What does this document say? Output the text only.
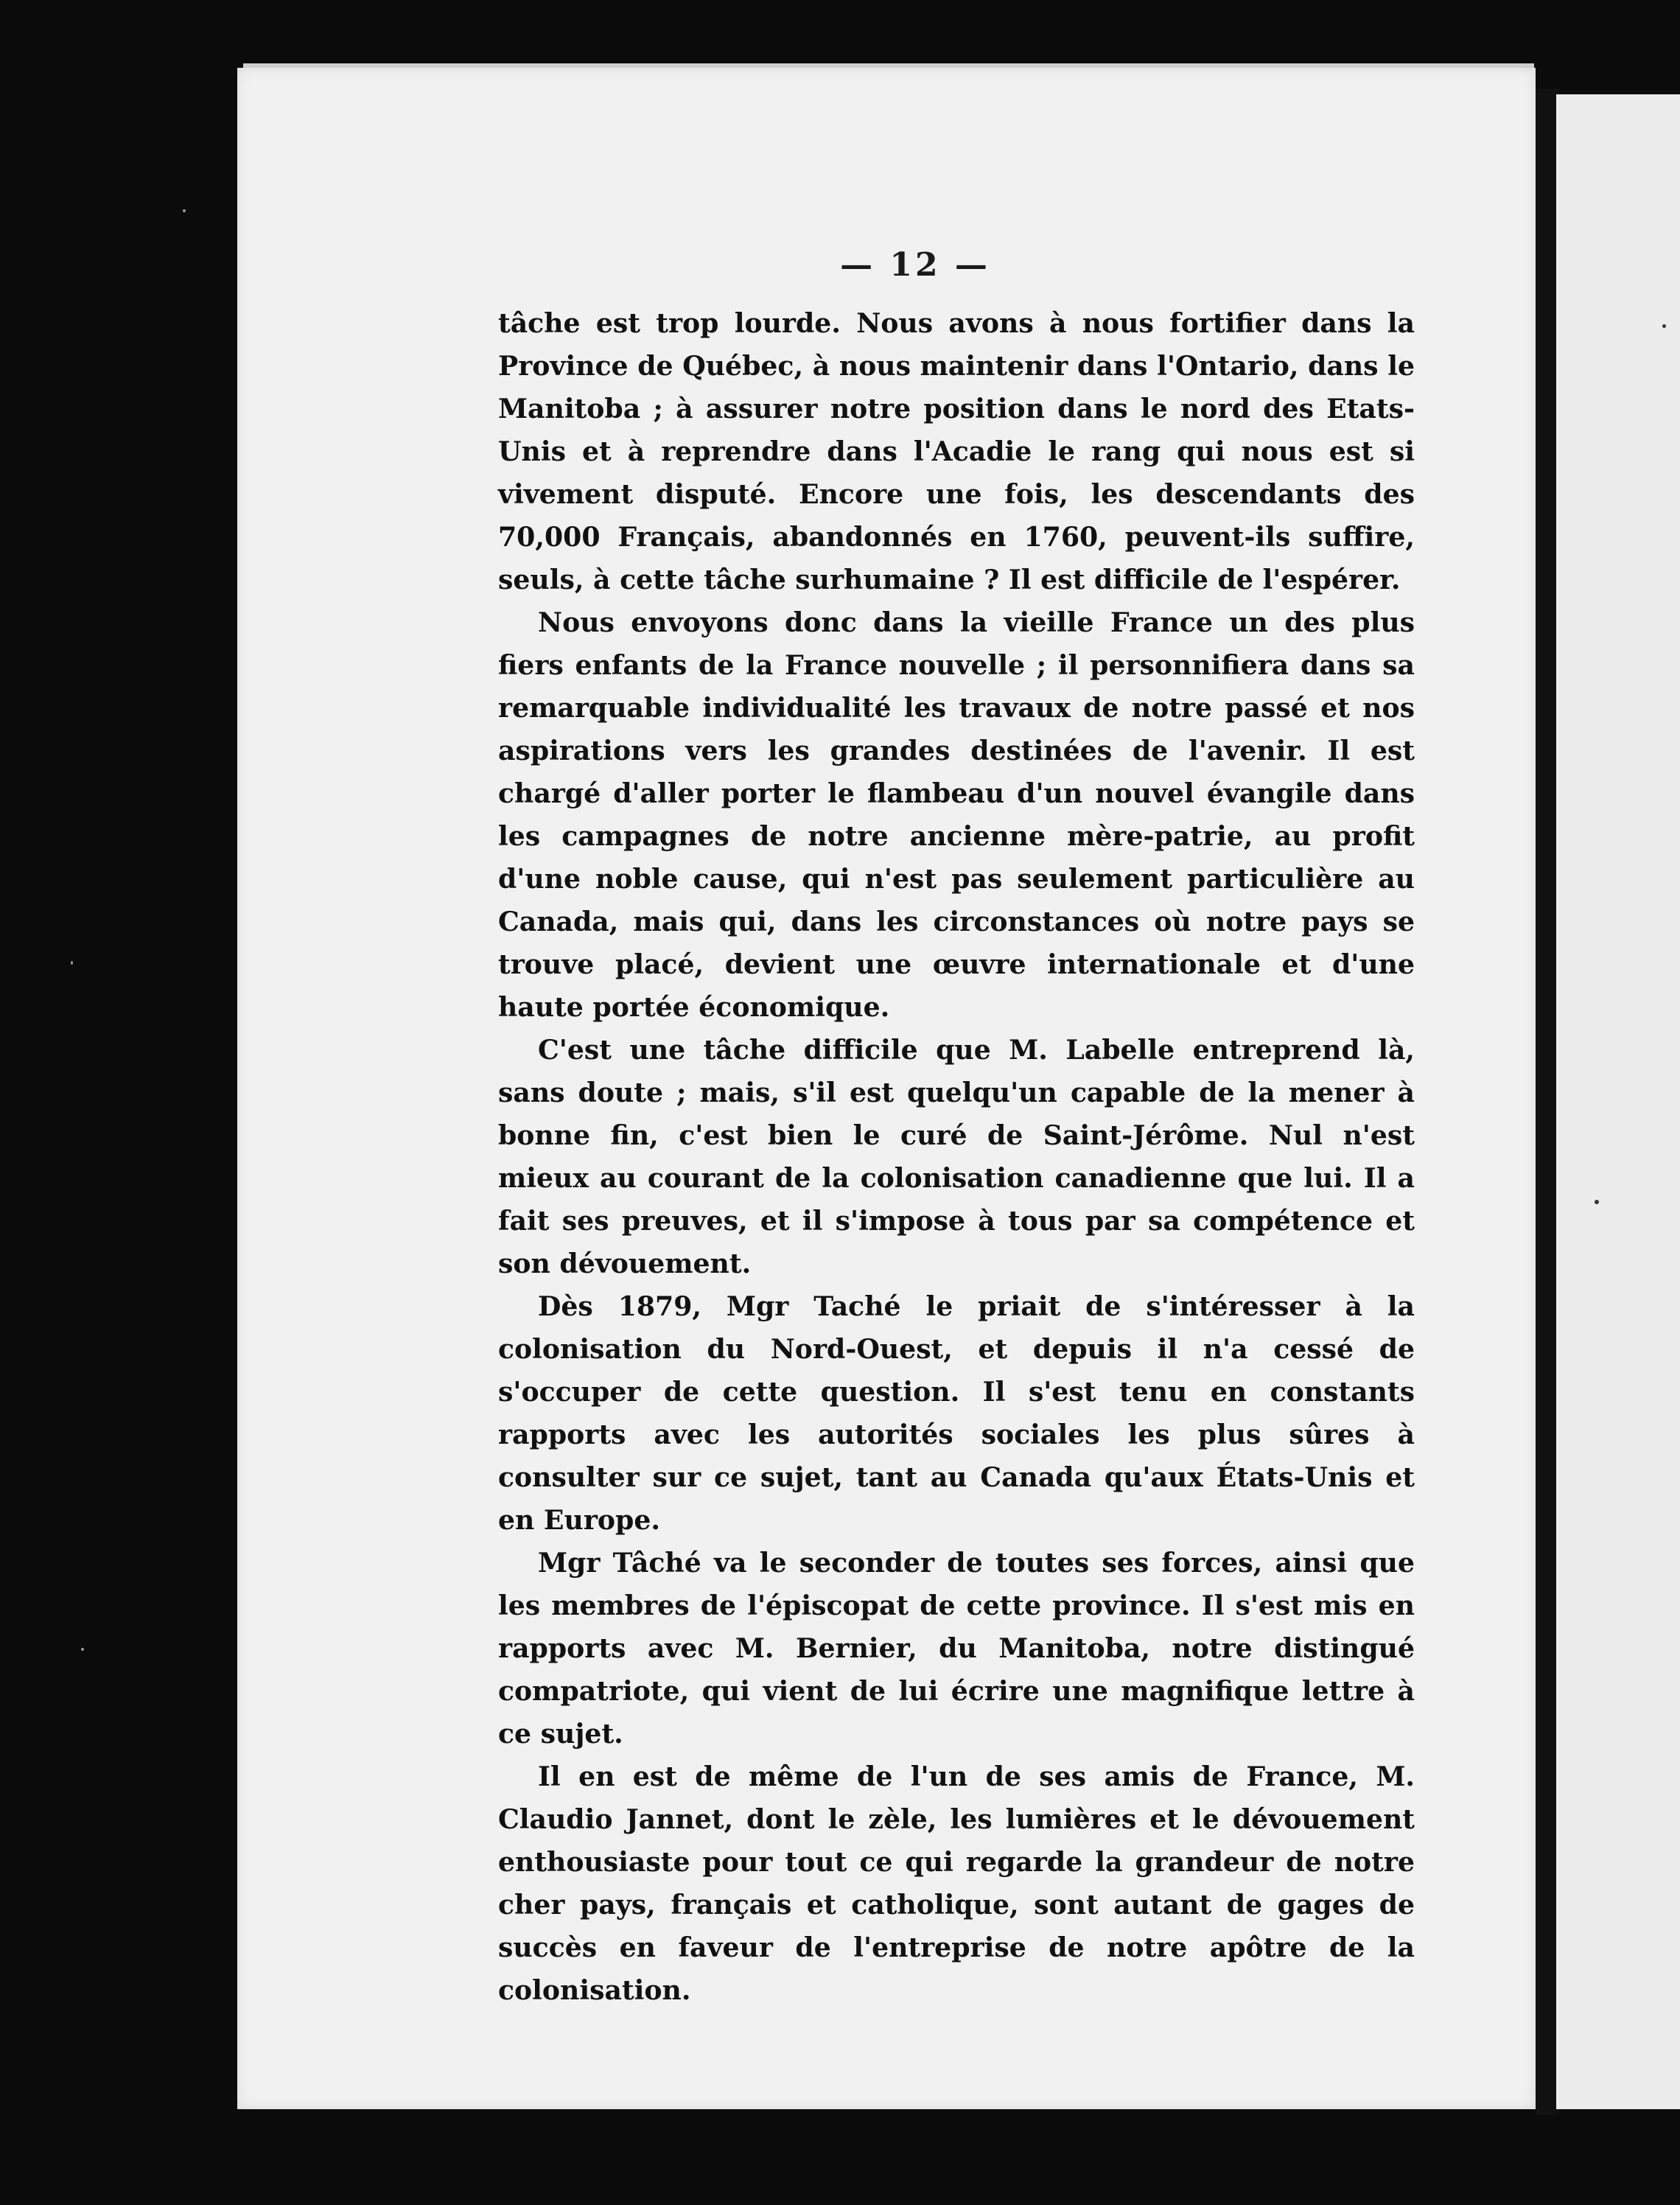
— 12 —

tâche est trop lourde. Nous avons à nous fortifier dans la Province de Québec, à nous maintenir dans l'Ontario, dans le Manitoba ; à assurer notre position dans le nord des Etats-Unis et à reprendre dans l'Acadie le rang qui nous est si vivement disputé. Encore une fois, les descendants des 70,000 Français, abandonnés en 1760, peuvent-ils suffire, seuls, à cette tâche surhumaine ? Il est difficile de l'espérer.

Nous envoyons donc dans la vieille France un des plus fiers enfants de la France nouvelle ; il personnifiera dans sa remarquable individualité les travaux de notre passé et nos aspirations vers les grandes destinées de l'avenir. Il est chargé d'aller porter le flambeau d'un nouvel évangile dans les campagnes de notre ancienne mère-patrie, au profit d'une noble cause, qui n'est pas seulement particulière au Canada, mais qui, dans les circonstances où notre pays se trouve placé, devient une œuvre internationale et d'une haute portée économique.

C'est une tâche difficile que M. Labelle entreprend là, sans doute ; mais, s'il est quelqu'un capable de la mener à bonne fin, c'est bien le curé de Saint-Jérôme. Nul n'est mieux au courant de la colonisation canadienne que lui. Il a fait ses preuves, et il s'impose à tous par sa compétence et son dévouement.

Dès 1879, Mgr Taché le priait de s'intéresser à la colonisation du Nord-Ouest, et depuis il n'a cessé de s'occuper de cette question. Il s'est tenu en constants rapports avec les autorités sociales les plus sûres à consulter sur ce sujet, tant au Canada qu'aux États-Unis et en Europe.

Mgr Tâché va le seconder de toutes ses forces, ainsi que les membres de l'épiscopat de cette province. Il s'est mis en rapports avec M. Bernier, du Manitoba, notre distingué compatriote, qui vient de lui écrire une magnifique lettre à ce sujet.

Il en est de même de l'un de ses amis de France, M. Claudio Jannet, dont le zèle, les lumières et le dévouement enthousiaste pour tout ce qui regarde la grandeur de notre cher pays, français et catholique, sont autant de gages de succès en faveur de l'entreprise de notre apôtre de la colonisation.
